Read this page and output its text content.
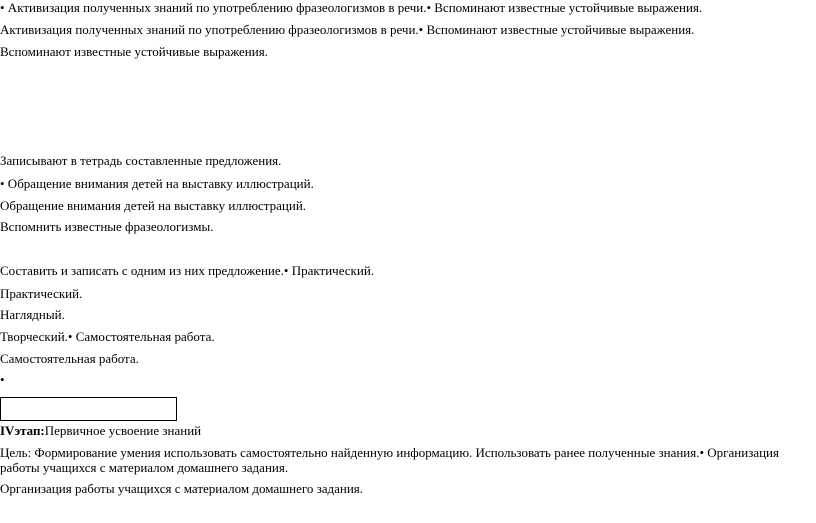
• Активизация полученных знаний по употреблению фразеологизмов в речи.• Вспоминают известные устойчивые выражения.
Активизация полученных знаний по употреблению фразеологизмов в речи.• Вспоминают известные устойчивые выражения.
Вспоминают известные устойчивые выражения.
Записывают в тетрадь составленные предложения.
• Обращение внимания детей на выставку иллюстраций.
Обращение внимания детей на выставку иллюстраций.
Вспомнить известные фразеологизмы.
Составить и записать с одним из них предложение.• Практический.
Практический.
Наглядный.
Творческий.• Самостоятельная работа.
Самостоятельная работа.
•
IVэтап:Первичное усвоение знаний
Цель: Формирование умения использовать самостоятельно найденную информацию. Использовать ранее полученные знания.• Организация работы учащихся с материалом домашнего задания.
Организация работы учащихся с материалом домашнего задания.
